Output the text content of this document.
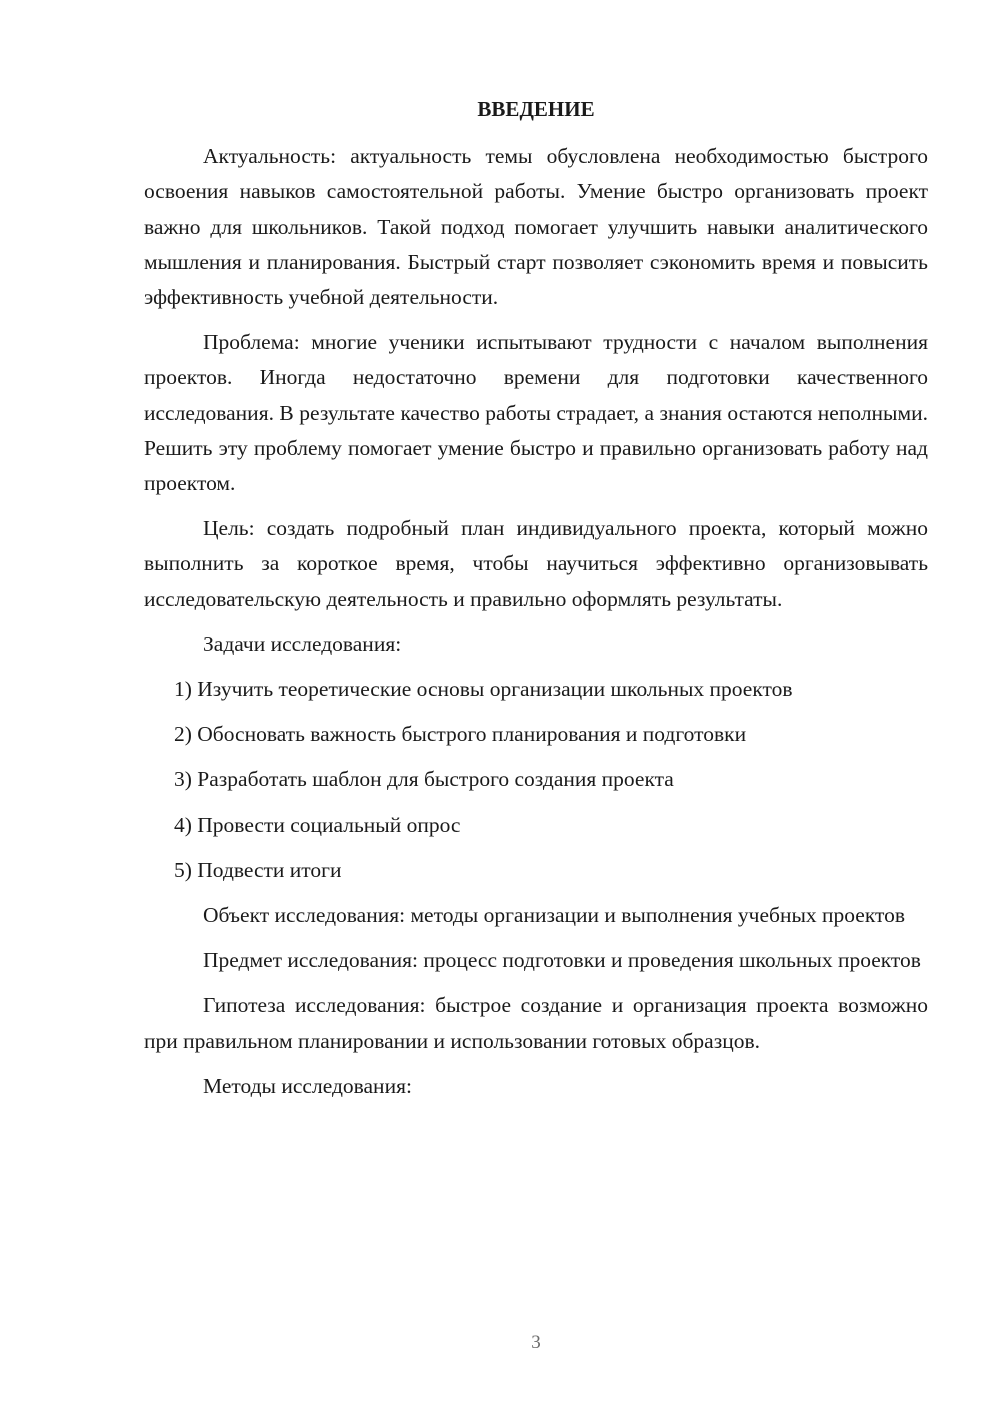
ВВЕДЕНИЕ

Актуальность: актуальность темы обусловлена необходимостью быстрого освоения навыков самостоятельной работы. Умение быстро организовать проект важно для школьников. Такой подход помогает улучшить навыки аналитического мышления и планирования. Быстрый старт позволяет сэкономить время и повысить эффективность учебной деятельности.

Проблема: многие ученики испытывают трудности с началом выполнения проектов. Иногда недостаточно времени для подготовки качественного исследования. В результате качество работы страдает, а знания остаются неполными. Решить эту проблему помогает умение быстро и правильно организовать работу над проектом.

Цель: создать подробный план индивидуального проекта, который можно выполнить за короткое время, чтобы научиться эффективно организовывать исследовательскую деятельность и правильно оформлять результаты.

Задачи исследования:

1) Изучить теоретические основы организации школьных проектов
2) Обосновать важность быстрого планирования и подготовки
3) Разработать шаблон для быстрого создания проекта
4) Провести социальный опрос
5) Подвести итоги

Объект исследования: методы организации и выполнения учебных проектов

Предмет исследования: процесс подготовки и проведения школьных проектов

Гипотеза исследования: быстрое создание и организация проекта возможно при правильном планировании и использовании готовых образцов.

Методы исследования:

3
